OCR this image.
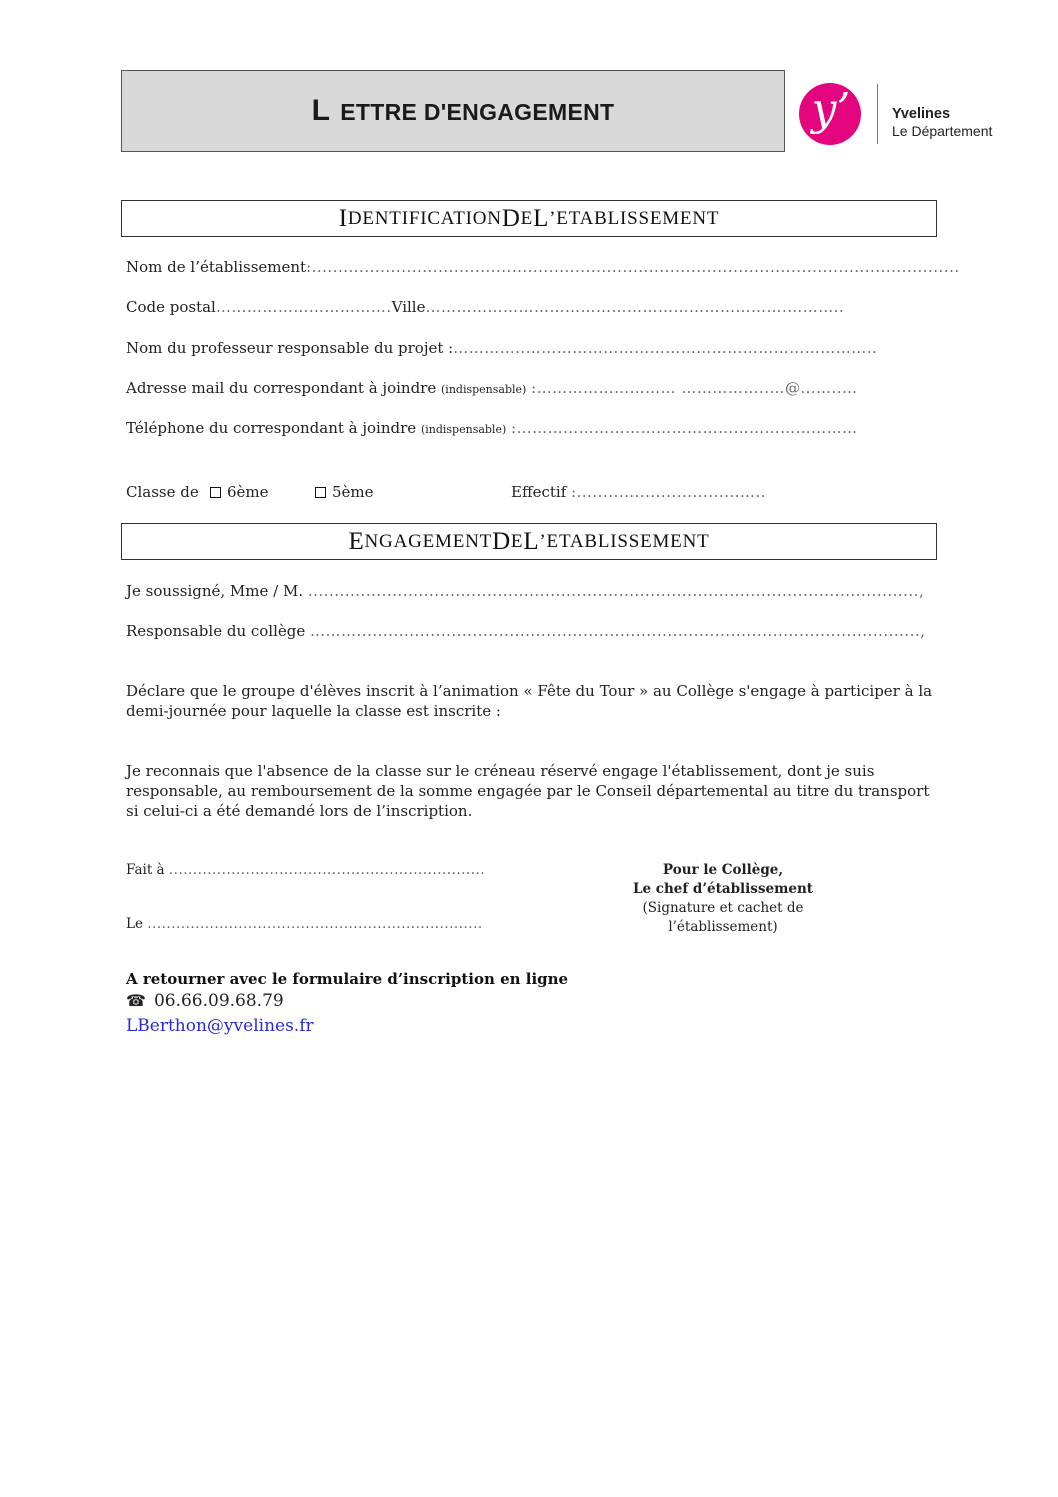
L ETTRE D'ENGAGEMENT	y’	Yvelines
Le Département
I DENTIFICATION D E L ’ETABLISSEMENT
Nom de l’établissement:...........................................................................................................................
Code postal…………………………….Ville…………………………………………………………….………..
Nom du professeur responsable du projet :…………..…………………………………………………………..
Adresse mail du correspondant à joindre (indispensable) :……………………… ……………..…@……..…
Téléphone du correspondant à joindre (indispensable) :…………………………………………………………
Classe de	6ème	5ème	Effectif :...............................…..
E NGAGEMENT D E L ’ETABLISSEMENT
Je soussigné, Mme / M. ....................................................................................................................,
Responsable du collège ………...........................................................................................................,
Déclare que le groupe d'élèves inscrit à l’animation « Fête du Tour » au Collège s'engage à participer à la demi-journée pour laquelle la classe est inscrite :
Je reconnais que l'absence de la classe sur le créneau réservé engage l'établissement, dont je suis responsable, au remboursement de la somme engagée par le Conseil départemental au titre du transport si celui-ci a été demandé lors de l’inscription.
Fait à ..................................................................
Le ......................................................................
Pour le Collège,
Le chef d’établissement
(Signature et cachet de l’établissement)
A retourner avec le formulaire d’inscription en ligne
☎ 06.66.09.68.79
LBerthon@yvelines.fr
